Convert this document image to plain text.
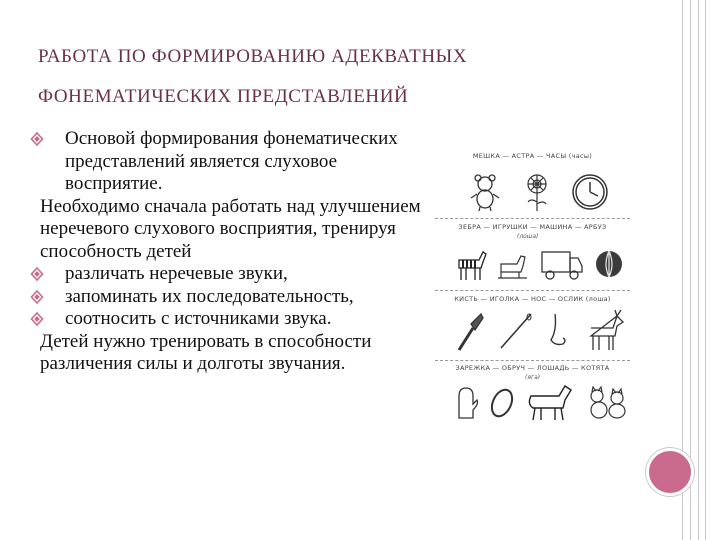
РАБОТА ПО ФОРМИРОВАНИЮ АДЕКВАТНЫХ
ФОНЕМАТИЧЕСКИХ ПРЕДСТАВЛЕНИЙ
Основой формирования фонематических представлений является слуховое восприятие.
Необходимо сначала работать над улучшением неречевого слухового восприятия, тренируя способность детей
различать неречевые звуки,
запоминать их последовательность,
соотносить с источниками звука.
Детей нужно тренировать в способности различения силы и долготы звучания.
МЕШКА — АСТРА — ЧАСЫ (часы)
ЗЕБРА — ИГРУШКИ — МАШИНА — АРБУЗ
(лоша)
КИСТЬ — ИГОЛКА — НОС — ОСЛИК (лоша)
ЗАРЕЖКА — ОБРУЧ — ЛОШАДЬ — КОТЯТА
(яга)
